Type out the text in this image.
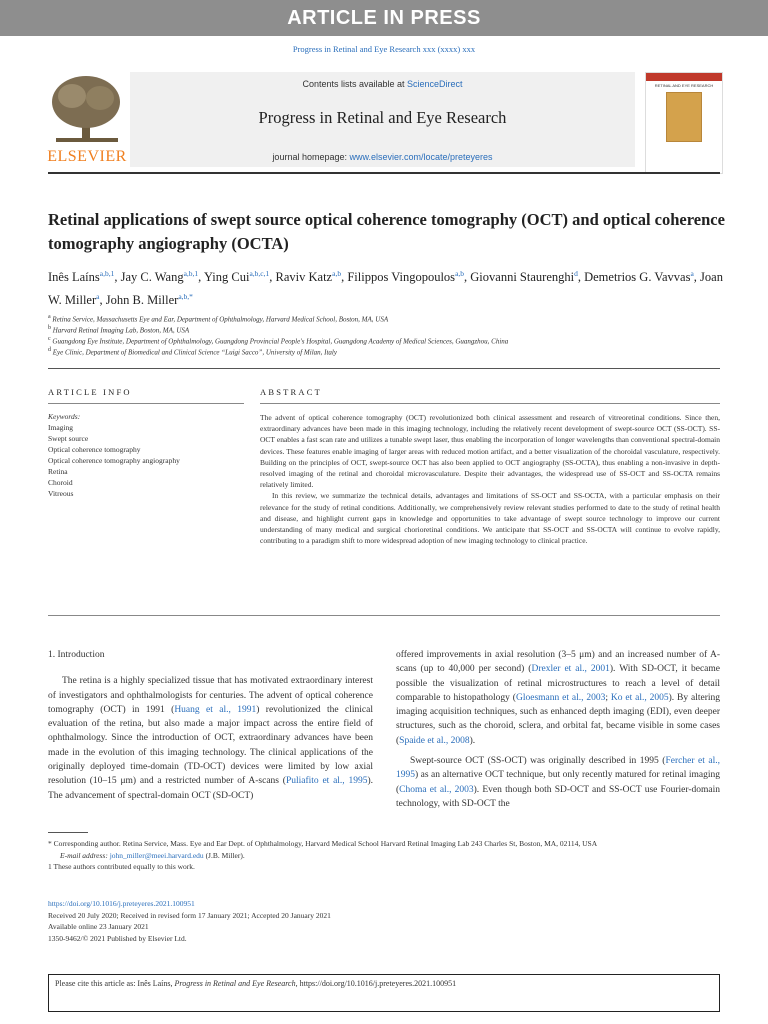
ARTICLE IN PRESS
Progress in Retinal and Eye Research xxx (xxxx) xxx
ELSEVIER
Contents lists available at ScienceDirect
Progress in Retinal and Eye Research
journal homepage: www.elsevier.com/locate/preteyeres
RETINAL AND EYE RESEARCH
Retinal applications of swept source optical coherence tomography (OCT) and optical coherence tomography angiography (OCTA)
Inês Laíns$^{a,b,1}$, Jay C. Wang$^{a,b,1}$, Ying Cui$^{a,b,c,1}$, Raviv Katz$^{a,b}$, Filippos Vingopoulos$^{a,b}$, Giovanni Staurenghi$^d$, Demetrios G. Vavvas$^a$, Joan W. Miller$^a$, John B. Miller$^{a,b,*}$
$^a$ Retina Service, Massachusetts Eye and Ear, Department of Ophthalmology, Harvard Medical School, Boston, MA, USA
$^b$ Harvard Retinal Imaging Lab, Boston, MA, USA
$^c$ Guangdong Eye Institute, Department of Ophthalmology, Guangdong Provincial People's Hospital, Guangdong Academy of Medical Sciences, Guangzhou, China
$^d$ Eye Clinic, Department of Biomedical and Clinical Science “Luigi Sacco”, University of Milan, Italy
ARTICLE INFO
Keywords:
Imaging
Swept source
Optical coherence tomography
Optical coherence tomography angiography
Retina
Choroid
Vitreous
ABSTRACT

The advent of optical coherence tomography (OCT) revolutionized both clinical assessment and research of vitreoretinal conditions. Since then, extraordinary advances have been made in this imaging technology, including the relatively recent development of swept-source OCT (SS-OCT). SS-OCT enables a fast scan rate and utilizes a tunable swept laser, thus enabling the incorporation of longer wavelengths than conventional spectral-domain devices. These features enable imaging of larger areas with reduced motion artifact, and a better visualization of the choroidal vasculature, respectively. Building on the principles of OCT, swept-source OCT has also been applied to OCT angiography (SS-OCTA), thus enabling a non-invasive in depth-resolved imaging of the retinal and choroidal microvasculature. Despite their advantages, the widespread use of SS-OCT and SS-OCTA remains relatively limited.

In this review, we summarize the technical details, advantages and limitations of SS-OCT and SS-OCTA, with a particular emphasis on their relevance for the study of retinal conditions. Additionally, we comprehensively review relevant studies performed to date to the study of retinal health and disease, and highlight current gaps in knowledge and opportunities to take advantage of swept source technology to improve our current understanding of many medical and surgical chorioretinal conditions. We anticipate that SS-OCT and SS-OCTA will continue to evolve rapidly, contributing to a paradigm shift to more widespread adoption of new imaging technology to clinical practice.

1. Introduction

The retina is a highly specialized tissue that has motivated extraordinary interest of investigators and ophthalmologists for centuries. The advent of optical coherence tomography (OCT) in 1991 (Huang et al., 1991) revolutionized the clinical evaluation of the retina, but also made a major impact across the entire field of ophthalmology. Since the introduction of OCT, extraordinary advances have been made in the evolution of this imaging technology. The clinical applications of the originally deployed time-domain (TD-OCT) devices were limited by low axial resolution (10–15 μm) and a restricted number of A-scans (Puliafito et al., 1995). The advancement of spectral-domain OCT (SD-OCT)

offered improvements in axial resolution (3–5 μm) and an increased number of A-scans (up to 40,000 per second) (Drexler et al., 2001). With SD-OCT, it became possible the visualization of retinal microstructures to reach a level of detail comparable to histopathology (Gloesmann et al., 2003; Ko et al., 2005). By altering imaging acquisition techniques, such as enhanced depth imaging (EDI), even deeper structures, such as the choroid, sclera, and orbital fat, became visible in some cases (Spaide et al., 2008).

Swept-source OCT (SS-OCT) was originally described in 1995 (Fercher et al., 1995) as an alternative OCT technique, but only recently matured for retinal imaging (Choma et al., 2003). Even though both SD-OCT and SS-OCT use Fourier-domain technology, with SD-OCT the

* Corresponding author. Retina Service, Mass. Eye and Ear Dept. of Ophthalmology, Harvard Medical School Harvard Retinal Imaging Lab 243 Charles St, Boston, MA, 02114, USA
E-mail address: john_miller@meei.harvard.edu (J.B. Miller).
1 These authors contributed equally to this work.
https://doi.org/10.1016/j.preteyeres.2021.100951
Received 20 July 2020; Received in revised form 17 January 2021; Accepted 20 January 2021
Available online 23 January 2021
1350-9462/© 2021 Published by Elsevier Ltd.
Please cite this article as: Inês Laíns, Progress in Retinal and Eye Research, https://doi.org/10.1016/j.preteyeres.2021.100951
